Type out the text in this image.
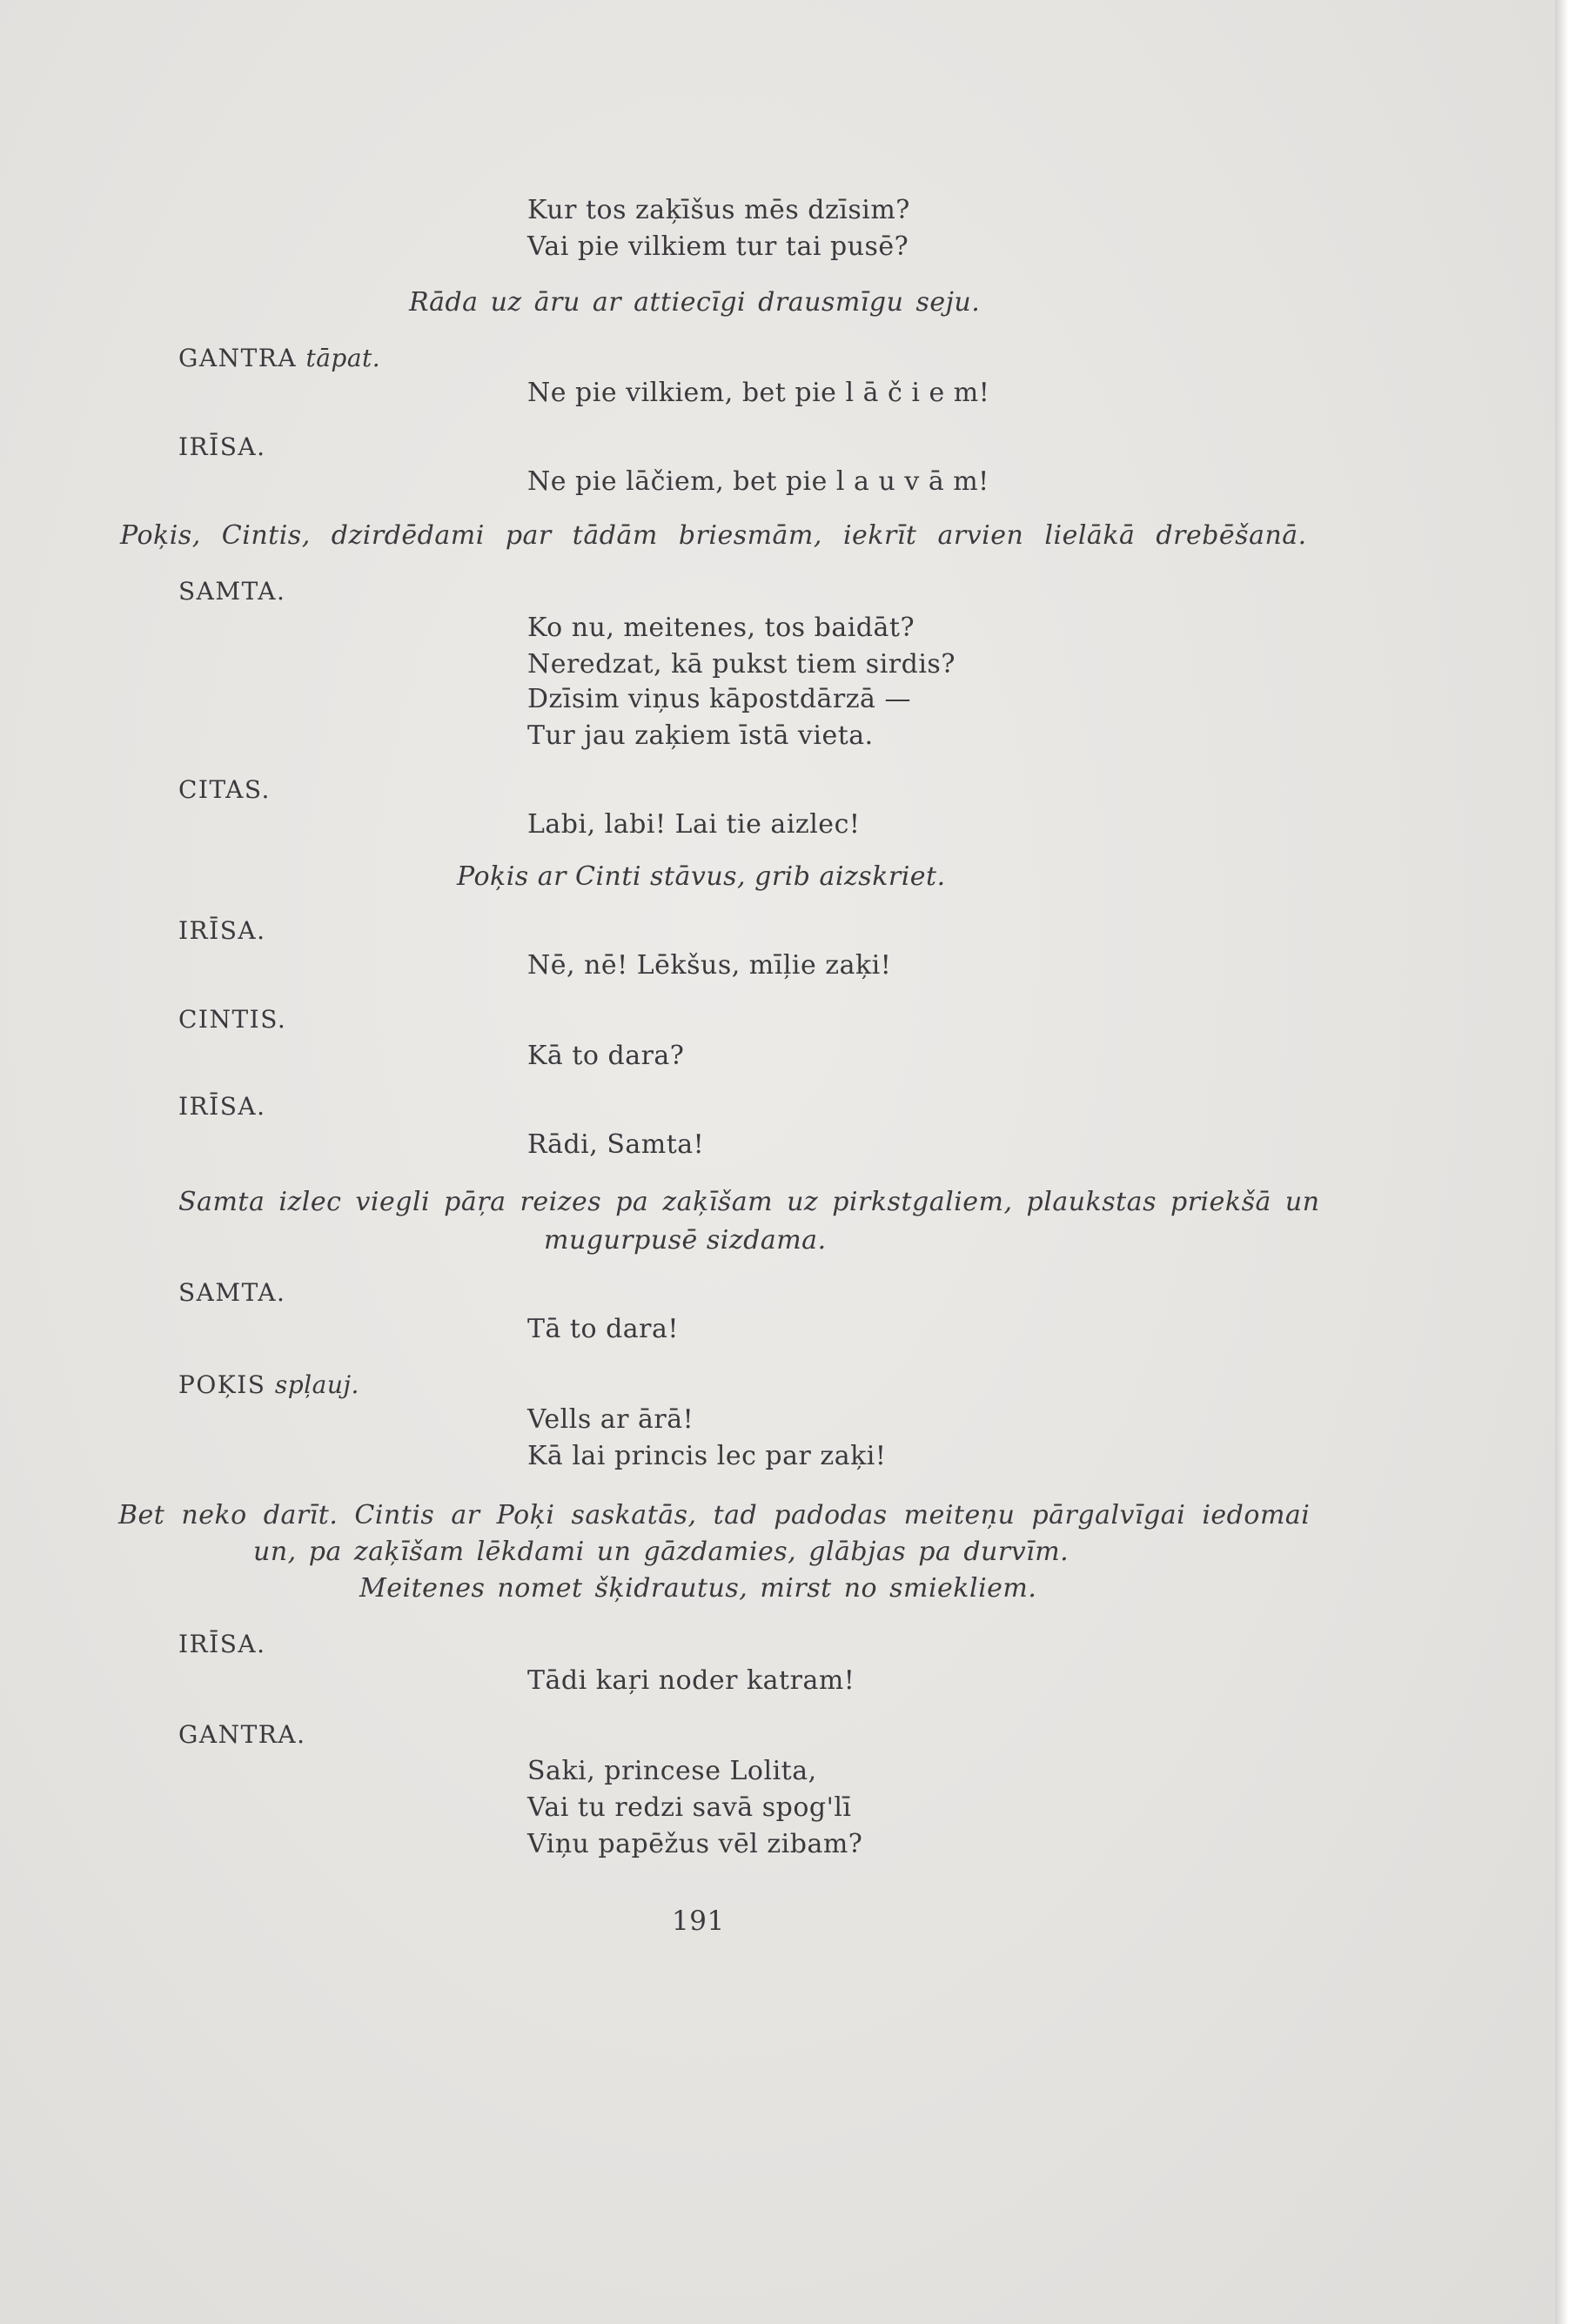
Kur tos zaķīšus mēs dzīsim?
Vai pie vilkiem tur tai pusē?
Rāda uz āru ar attiecīgi drausmīgu seju.
GANTRA tāpat.
Ne pie vilkiem, bet pie l ā č i e m!
IRĪSA.
Ne pie lāčiem, bet pie l a u v ā m!
Poķis, Cintis, dzirdēdami par tādām briesmām, iekrīt arvien lielākā drebēšanā.
SAMTA.
Ko nu, meitenes, tos baidāt?
Neredzat, kā pukst tiem sirdis?
Dzīsim viņus kāpostdārzā —
Tur jau zaķiem īstā vieta.
CITAS.
Labi, labi! Lai tie aizlec!
Poķis ar Cinti stāvus, grib aizskriet.
IRĪSA.
Nē, nē! Lēkšus, mīļie zaķi!
CINTIS.
Kā to dara?
IRĪSA.
Rādi, Samta!
Samta izlec viegli pāŗa reizes pa zaķīšam uz pirkstgaliem, plaukstas priekšā un
mugurpusē sizdama.
SAMTA.
Tā to dara!
POĶIS spļauj.
Vells ar ārā!
Kā lai princis lec par zaķi!
Bet neko darīt. Cintis ar Poķi saskatās, tad padodas meiteņu pārgalvīgai iedomai
un, pa zaķīšam lēkdami un gāzdamies, glābjas pa durvīm.
Meitenes nomet šķidrautus, mirst no smiekliem.
IRĪSA.
Tādi kaŗi noder katram!
GANTRA.
Saki, princese Lolita,
Vai tu redzi savā spog'lī
Viņu papēžus vēl zibam?
191
